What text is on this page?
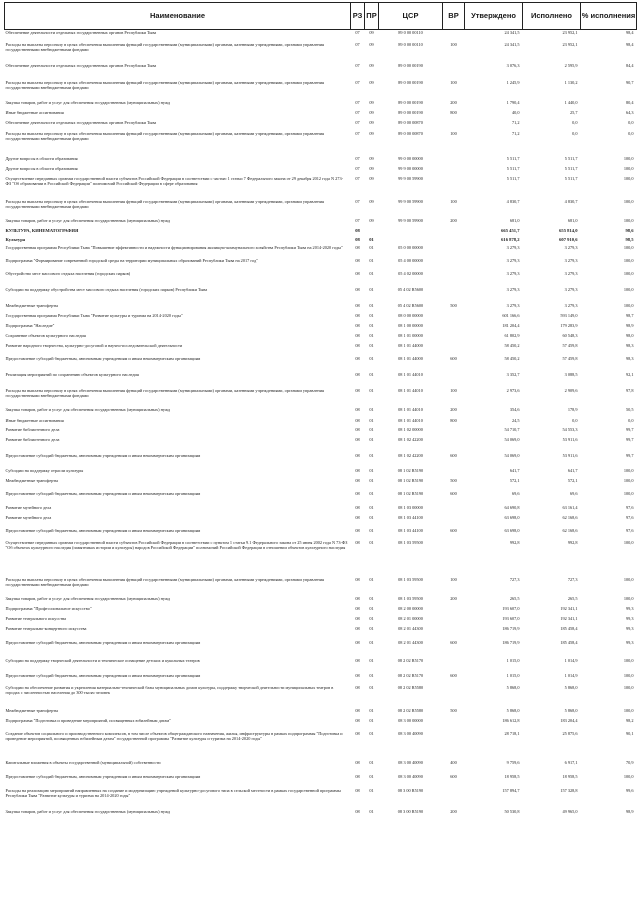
Наименование	РЗ	ПР	ЦСР	ВР	Утверждено	Исполнено	% исполнения
Обеспечение деятельности отдельных государственных органов Республики Тыва	07	09	89 0 00 00110		24 341,5	23 952,1	98,4
Расходы на выплаты персоналу в целях обеспечения выполнения функций государственными (муниципальными) органами, казенными учреждениями, органами управления государственными внебюджетными фондами	07	09	89 0 00 00110	100	24 341,5	23 952,1	98,4
Обеспечение деятельности отдельных государственных органов Республики Тыва	07	09	89 0 00 00190		3 076,3	2 595,9	84,4
Расходы на выплаты персоналу в целях обеспечения выполнения функций государственными (муниципальными) органами, казенными учреждениями, органами управления государственными внебюджетными фондами	07	09	89 0 00 00190	100	1 245,9	1 130,2	90,7
Закупка товаров, работ и услуг для обеспечения государственных (муниципальных) нужд	07	09	89 0 00 00190	200	1 790,4	1 440,0	80,4
Иные бюджетные ассигнования	07	09	89 0 00 00190	800	40,0	25,7	64,3
Обеспечение деятельности отдельных государственных органов Республики Тыва	07	09	89 0 00 00870		71,2	0,0	0,0
Расходы на выплаты персоналу в целях обеспечения выполнения функций государственными (муниципальными) органами, казенными учреждениями, органами управления государственными внебюджетными фондами	07	09	89 0 00 00870	100	71,2	0,0	0,0
Другие вопросы в области образования	07	09	99 0 00 00000		5 511,7	5 511,7	100,0
Другие вопросы в области образования	07	09	99 9 00 00000		5 511,7	5 511,7	100,0
Осуществление переданных органам государственной власти субъектов Российской Федерации в соответствии с частью 1 статьи 7 Федерального закона от 29 декабря 2012 года N 273-ФЗ "Об образовании в Российской Федерации" полномочий Российской Федерации в сфере образования	07	09	99 9 00 59900		5 511,7	5 511,7	100,0
Расходы на выплаты персоналу в целях обеспечения выполнения функций государственными (муниципальными) органами, казенными учреждениями, органами управления государственными внебюджетными фондами	07	09	99 9 00 59900	100	4 830,7	4 830,7	100,0
Закупка товаров, работ и услуг для обеспечения государственных (муниципальных) нужд	07	09	99 9 00 59900	200	681,0	681,0	100,0
КУЛЬТУРА, КИНЕМАТОГРАФИЯ	08				665 451,7	655 814,0	98,6
Культура	08	01			616 878,2	607 910,6	98,5
Государственная программа Республики Тыва "Повышение эффективности и надежности функционирования жилищно-коммунального хозяйства Республики Тыва на 2014-2020 годы"	08	01	05 0 00 00000		3 279,3	3 279,3	100,0
Подпрограмма "Формирование современной городской среды на территории муниципальных образований Республики Тыва на 2017 год"	08	01	05 4 00 00000		3 279,3	3 279,3	100,0
Обустройство мест массового отдыха населения (городских парков)	08	01	05 4 02 00000		3 279,3	3 279,3	100,0
Субсидии на поддержку обустройства мест массового отдыха населения (городских парков) Республики Тыва	08	01	05 4 02 R5600		3 279,3	3 279,3	100,0
Межбюджетные трансферты	08	01	05 4 02 R5600	500	3 279,3	3 279,3	100,0
Государственная программа Республики Тыва "Развитие культуры и туризма на 2014-2020 годы"	08	01	08 0 00 00000		601 166,6	593 149,0	98,7
Подпрограмма "Наследие"	08	01	08 1 00 00000		181 204,4	179 283,9	98,9
Сохранение объектов культурного наследия	08	01	08 1 01 00000		61 802,9	60 548,3	98,0
Развитие народного творчества, культурно-досуговой и научно-исследовательской деятельности	08	01	08 1 01 44000		58 450,2	57 459,8	98,3
Предоставление субсидий бюджетным, автономным учреждениям и иным некоммерческим организациям	08	01	08 1 01 44000	600	58 450,2	57 459,8	98,3
Реализация мероприятий по сохранению объектов культурного наследия	08	01	08 1 01 44010		3 352,7	3 088,5	92,1
Расходы на выплаты персоналу в целях обеспечения выполнения функций государственными (муниципальными) органами, казенными учреждениями, органами управления государственными внебюджетными фондами	08	01	08 1 01 44010	100	2 973,6	2 909,6	97,8
Закупка товаров, работ и услуг для обеспечения государственных (муниципальных) нужд	08	01	08 1 01 44010	200	354,6	178,9	50,5
Иные бюджетные ассигнования	08	01	08 1 01 44010	800	24,5	0,0	0,0
Развитие библиотечного дела	08	01	08 1 02 00000		54 710,7	54 553,3	99,7
Развитие библиотечного дела	08	01	08 1 02 42200		54 069,0	53 911,6	99,7
Предоставление субсидий бюджетным, автономным учреждениям и иным некоммерческим организациям	08	01	08 1 02 42200	600	54 069,0	53 911,6	99,7
Субсидии на поддержку отрасли культуры	08	01	08 1 02 R5190		641,7	641,7	100,0
Межбюджетные трансферты	08	01	08 1 02 R5190	500	572,1	572,1	100,0
Предоставление субсидий бюджетным, автономным учреждениям и иным некоммерческим организациям	08	01	08 1 02 R5190	600	69,6	69,6	100,0
Развитие музейного дела	08	01	08 1 03 00000		64 690,8	63 161,4	97,6
Развитие музейного дела	08	01	08 1 03 44100		63 698,0	62 168,6	97,6
Предоставление субсидий бюджетным, автономным учреждениям и иным некоммерческим организациям	08	01	08 1 03 44100	600	63 698,0	62 168,6	97,6
Осуществление переданных органам государственной власти субъектов Российской Федерации в соответствии с пунктом 1 статьи 9.1 Федерального закона от 25 июня 2002 года N 73-ФЗ "Об объектах культурного наследия (памятниках истории и культуры) народов Российской Федерации" полномочий Российской Федерации в отношении объектов культурного наследия	08	01	08 1 03 59500		992,8	992,8	100,0
Расходы на выплаты персоналу в целях обеспечения выполнения функций государственными (муниципальными) органами, казенными учреждениями, органами управления государственными внебюджетными фондами	08	01	08 1 03 59500	100	727,3	727,3	100,0
Закупка товаров, работ и услуг для обеспечения государственных (муниципальных) нужд	08	01	08 1 03 59500	200	265,5	265,5	100,0
Подпрограмма "Профессиональное искусство"	08	01	08 2 00 00000		193 607,0	192 341,1	99,3
Развитие театрального искусства	08	01	08 2 01 00000		193 607,0	192 341,1	99,3
Развитие театрально-концертного искусства	08	01	08 2 01 44300		186 719,9	185 458,4	99,3
Предоставление субсидий бюджетным, автономным учреждениям и иным некоммерческим организациям	08	01	08 2 01 44300	600	186 719,9	185 458,4	99,3
Субсидии на поддержку творческой деятельности и техническое оснащение детских и кукольных театров	08	01	08 2 02 R5170		1 015,0	1 014,9	100,0
Предоставление субсидий бюджетным, автономным учреждениям и иным некоммерческим организациям	08	01	08 2 02 R5170	600	1 015,0	1 014,9	100,0
Субсидии на обеспечение развития и укрепления материально-технической базы муниципальных домов культуры, поддержку творческой деятельности муниципальных театров в городах с численностью населения до 300 тысяч человек	08	01	08 2 02 R5580		5 868,0	5 868,0	100,0
Межбюджетные трансферты	08	01	08 2 02 R5580	500	5 868,0	5 868,0	100,0
Подпрограмма "Подготовка и проведение мероприятий, посвященных юбилейным датам"	08	01	08 3 00 00000		186 612,8	183 204,4	98,2
Создание объектов социального и производственного комплексов, в том числе объектов общегражданского назначения, жилья, инфраструктуры в рамках подпрограммы "Подготовка и проведение мероприятий, посвященных юбилейным датам" государственной программы "Развитие культуры и туризма на 2014-2020 годы"	08	01	08 3 00 40090		28 718,1	25 875,6	90,1
Капитальные вложения в объекты государственной (муниципальной) собственности	08	01	08 3 00 40090	400	9 759,6	6 917,1	70,9
Предоставление субсидий бюджетным, автономным учреждениям и иным некоммерческим организациям	08	01	08 3 00 40090	600	18 958,5	18 958,5	100,0
Расходы на реализацию мероприятий направленных на создание и модернизацию учреждений культурно-досугового типа в сельской местности в рамках государственной программы Республики Тыва "Развитие культуры и туризма на 2014-2020 годы"	08	01	08 3 00 R5190		157 894,7	157 328,8	99,6
Закупка товаров, работ и услуг для обеспечения государственных (муниципальных) нужд	08	01	08 3 00 R5190	200	50 530,8	49 965,0	98,9
